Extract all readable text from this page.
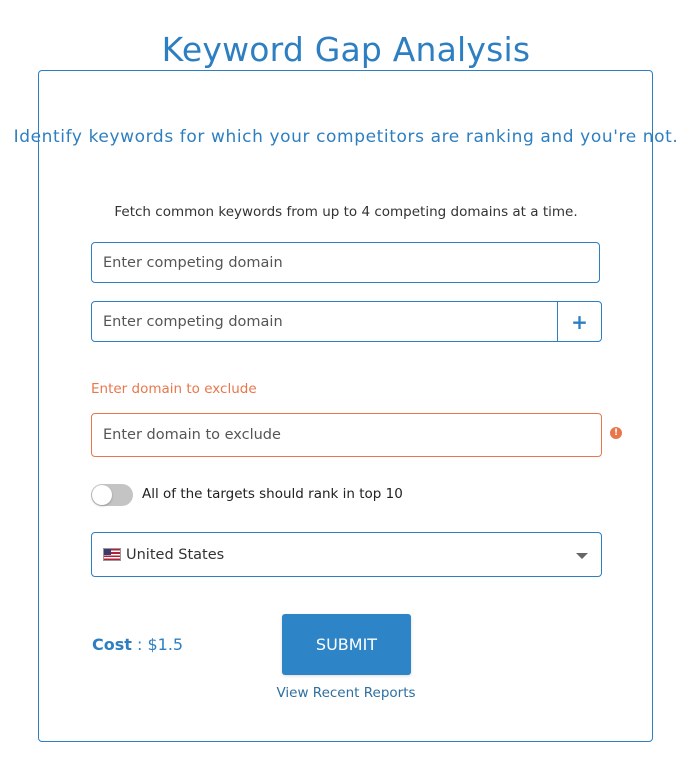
Keyword Gap Analysis
Identify keywords for which your competitors are ranking and you're not.
Fetch common keywords from up to 4 competing domains at a time.
Enter competing domain
Enter competing domain
+
Enter domain to exclude
Enter domain to exclude
!
All of the targets should rank in top 10
United States
Cost : $1.5	SUBMIT
View Recent Reports
